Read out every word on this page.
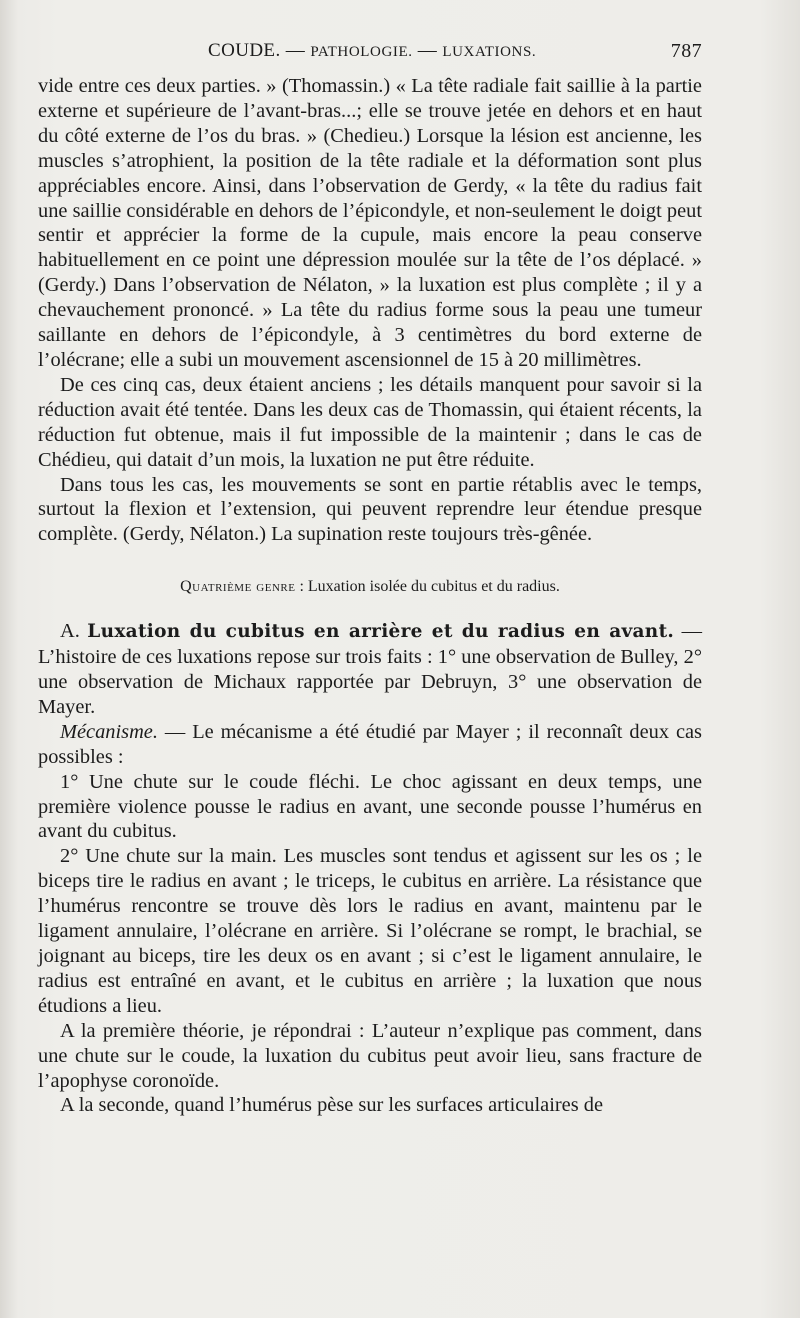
COUDE. — PATHOLOGIE. — LUXATIONS.	787

vide entre ces deux parties. » (Thomassin.) « La tête radiale fait saillie à la partie externe et supérieure de l’avant-bras...; elle se trouve jetée en dehors et en haut du côté externe de l’os du bras. » (Chedieu.) Lorsque la lésion est ancienne, les muscles s’atrophient, la position de la tête radiale et la déformation sont plus appréciables encore. Ainsi, dans l’observation de Gerdy, « la tête du radius fait une saillie considérable en dehors de l’épicondyle, et non-seulement le doigt peut sentir et apprécier la forme de la cupule, mais encore la peau conserve habituellement en ce point une dépression moulée sur la tête de l’os déplacé. » (Gerdy.) Dans l’observation de Nélaton, » la luxation est plus complète ; il y a chevauchement prononcé. » La tête du radius forme sous la peau une tumeur saillante en dehors de l’épicondyle, à 3 centimètres du bord externe de l’olécrane; elle a subi un mouvement ascensionnel de 15 à 20 millimètres.

De ces cinq cas, deux étaient anciens ; les détails manquent pour savoir si la réduction avait été tentée. Dans les deux cas de Thomassin, qui étaient récents, la réduction fut obtenue, mais il fut impossible de la maintenir ; dans le cas de Chédieu, qui datait d’un mois, la luxation ne put être réduite.

Dans tous les cas, les mouvements se sont en partie rétablis avec le temps, surtout la flexion et l’extension, qui peuvent reprendre leur étendue presque complète. (Gerdy, Nélaton.) La supination reste toujours très-gênée.

Quatrième genre : Luxation isolée du cubitus et du radius.

A. Luxation du cubitus en arrière et du radius en avant. — L’histoire de ces luxations repose sur trois faits : 1° une observation de Bulley, 2° une observation de Michaux rapportée par Debruyn, 3° une observation de Mayer.

Mécanisme. — Le mécanisme a été étudié par Mayer ; il reconnaît deux cas possibles :

1° Une chute sur le coude fléchi. Le choc agissant en deux temps, une première violence pousse le radius en avant, une seconde pousse l’humérus en avant du cubitus.

2° Une chute sur la main. Les muscles sont tendus et agissent sur les os ; le biceps tire le radius en avant ; le triceps, le cubitus en arrière. La résistance que l’humérus rencontre se trouve dès lors le radius en avant, maintenu par le ligament annulaire, l’olécrane en arrière. Si l’olécrane se rompt, le brachial, se joignant au biceps, tire les deux os en avant ; si c’est le ligament annulaire, le radius est entraîné en avant, et le cubitus en arrière ; la luxation que nous étudions a lieu.

A la première théorie, je répondrai : L’auteur n’explique pas comment, dans une chute sur le coude, la luxation du cubitus peut avoir lieu, sans fracture de l’apophyse coronoïde.

A la seconde, quand l’humérus pèse sur les surfaces articulaires de
